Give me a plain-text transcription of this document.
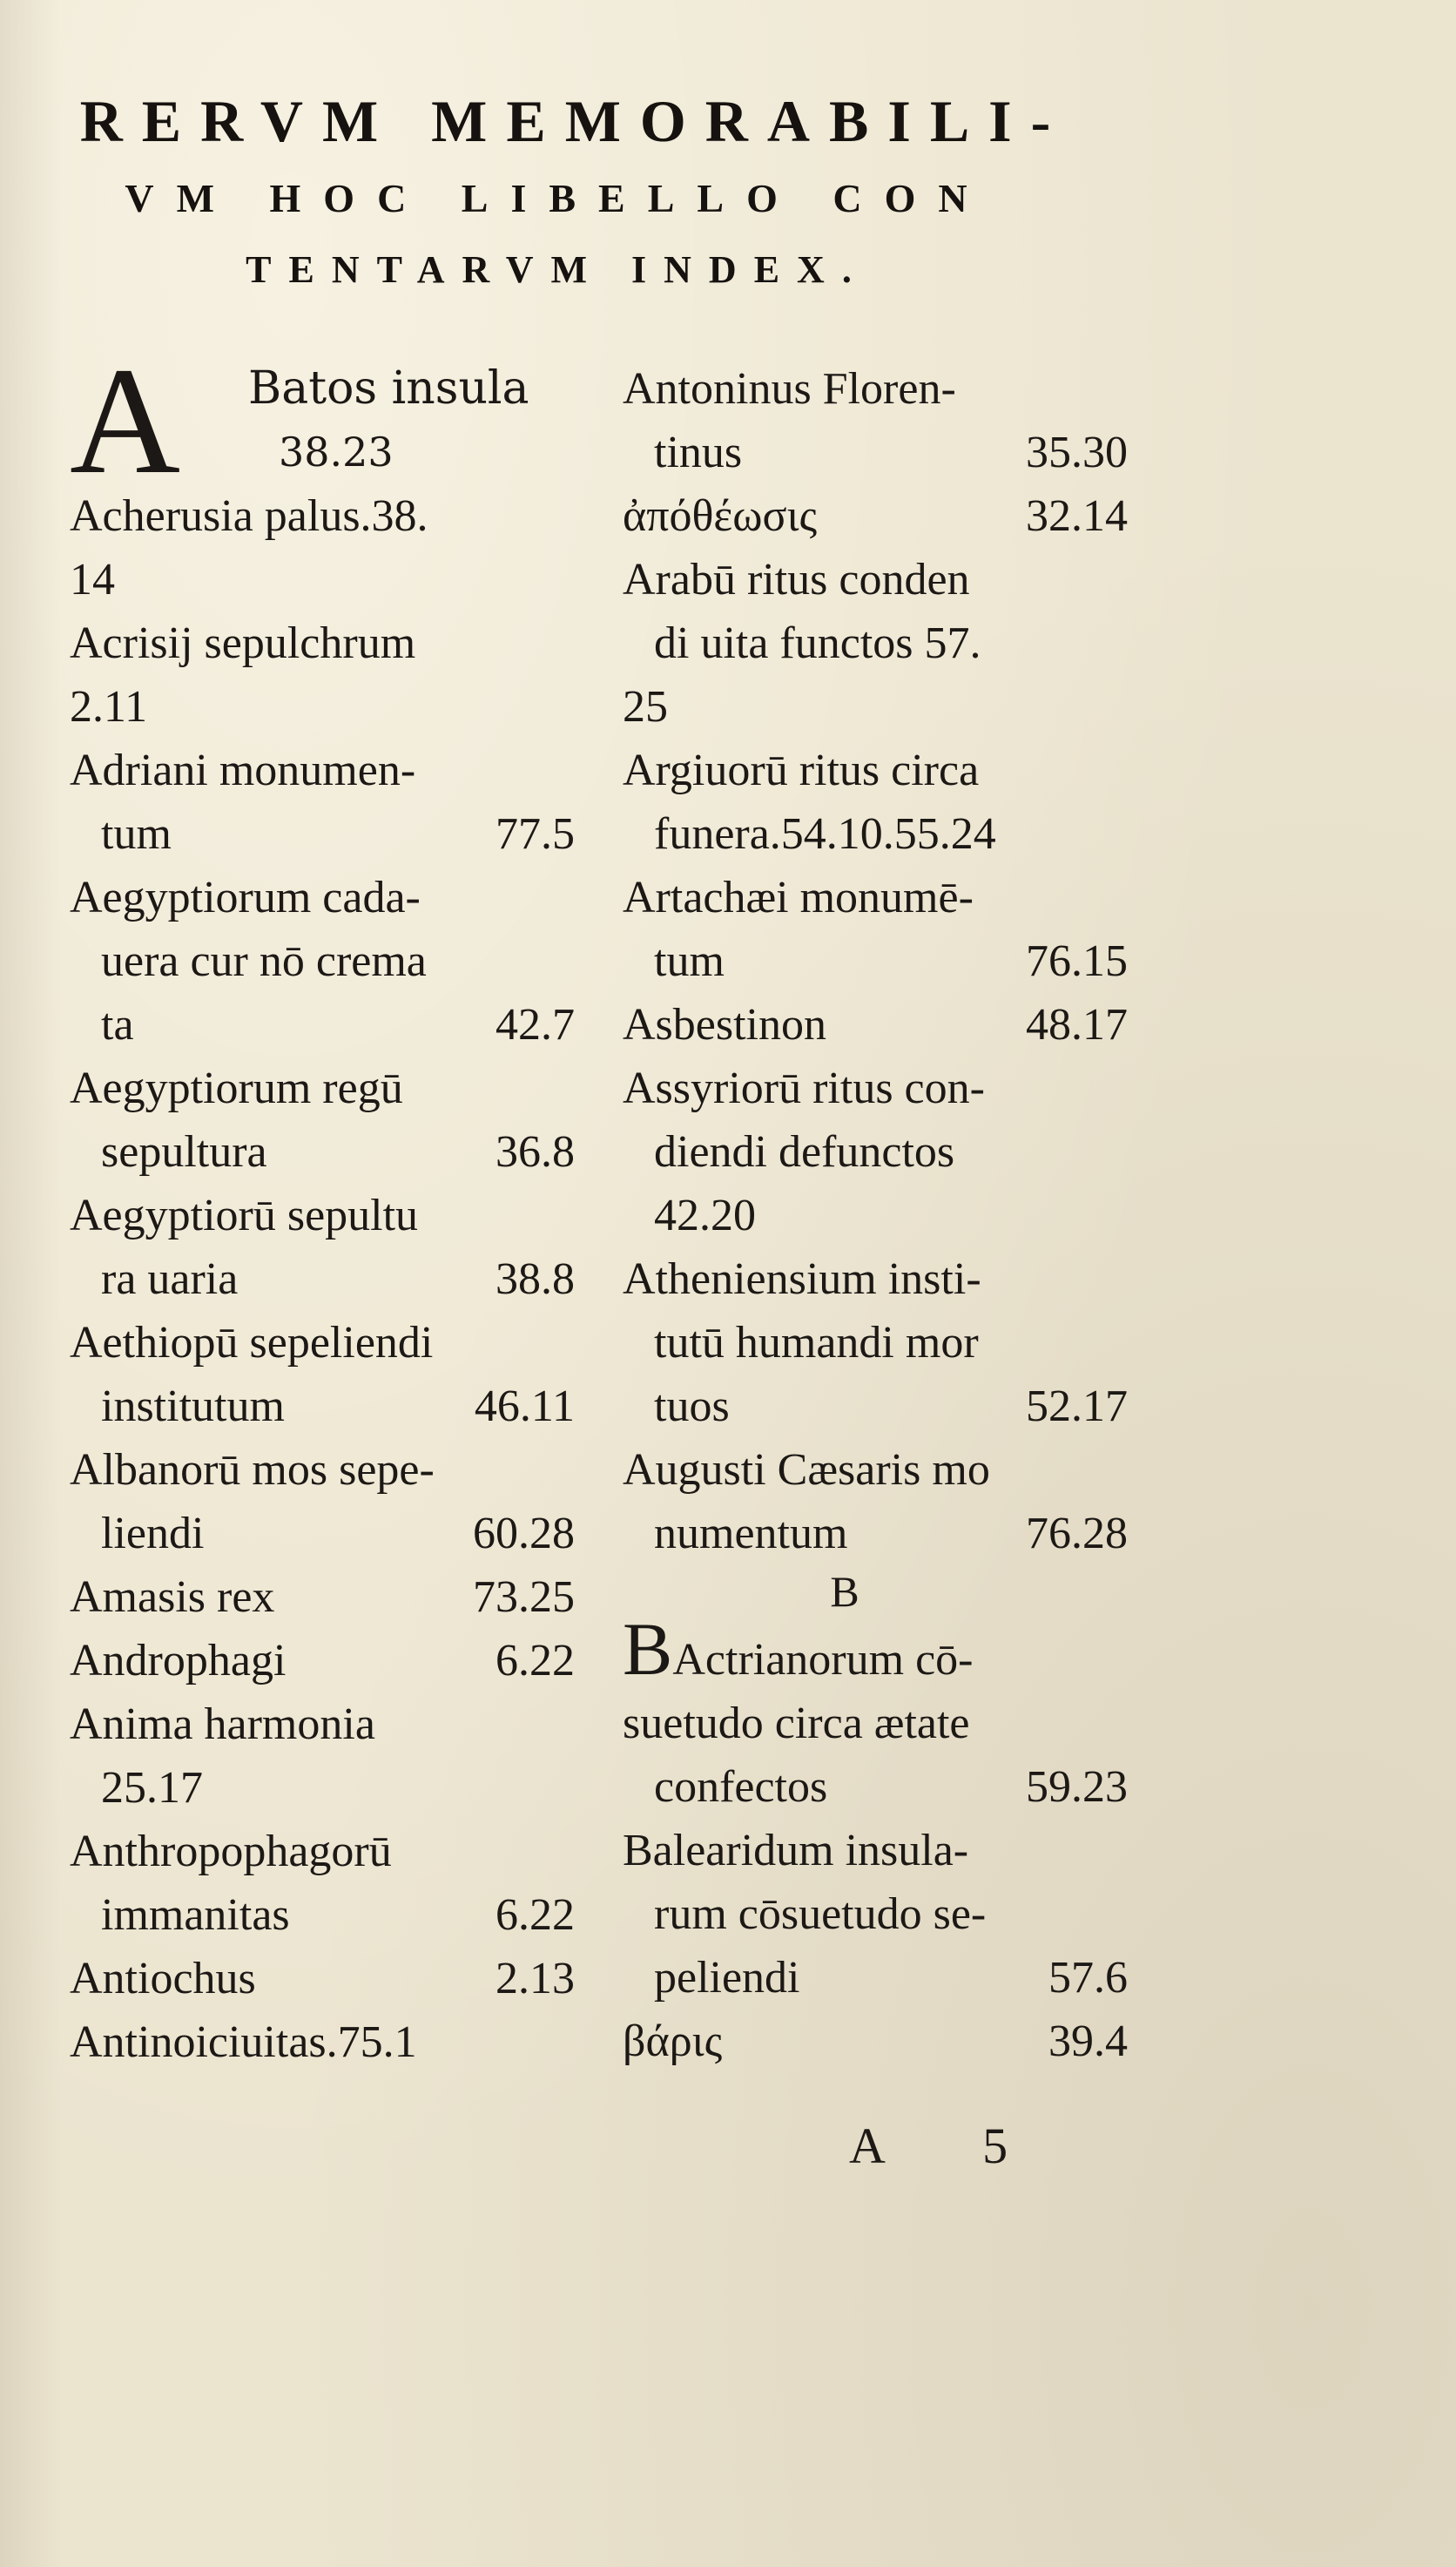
RERVM MEMORABILI-
VM HOC LIBELLO CON
TENTARVM INDEX.
A Batos insula
38.23
Acherusia palus.38.
14
Acrisij sepulchrum
2.11
Adriani monumen-
tum	77.5
Aegyptiorum cada-
uera cur nō crema
ta	42.7
Aegyptiorum regū
sepultura	36.8
Aegyptiorū sepultu
ra uaria	38.8
Aethiopū sepeliendi
institutum	46.11
Albanorū mos sepe-
liendi	60.28
Amasis rex	73.25
Androphagi	6.22
Anima harmonia
25.17
Anthropophagorū
immanitas	6.22
Antiochus	2.13
Antinoiciuitas.75.1
Antoninus Floren-
tinus	35.30
ἀπόθέωσις	32.14
Arabū ritus conden
di uita functos 57.
25
Argiuorū ritus circa
funera.54.10.55.24
Artachæi monumē-
tum	76.15
Asbestinon	48.17
Assyriorū ritus con-
diendi defunctos
42.20
Atheniensium insti-
tutū humandi mor
tuos	52.17
Augusti Cæsaris mo
numentum	76.28
B
BActrianorum cō-
suetudo circa ætate
confectos	59.23
Balearidum insula-
rum cōsuetudo se-
peliendi	57.6
βάρις	39.4
A 5
